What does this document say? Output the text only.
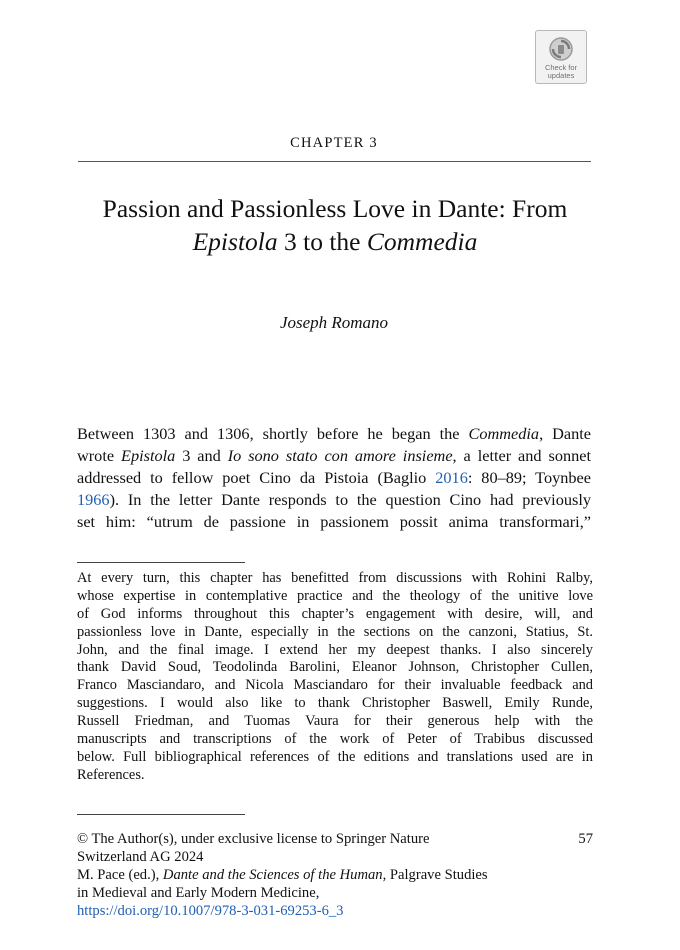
Check for
updates
CHAPTER 3
Passion and Passionless Love in Dante: From
Epistola 3 to the Commedia
Joseph Romano
Between 1303 and 1306, shortly before he began the Commedia, Dante
wrote Epistola 3 and Io sono stato con amore insieme, a letter and sonnet
addressed to fellow poet Cino da Pistoia (Baglio 2016: 80–89; Toynbee
1966). In the letter Dante responds to the question Cino had previously
set him: “utrum de passione in passionem possit anima transformari,”
At every turn, this chapter has benefitted from discussions with Rohini Ralby,
whose expertise in contemplative practice and the theology of the unitive love
of God informs throughout this chapter’s engagement with desire, will, and
passionless love in Dante, especially in the sections on the canzoni, Statius, St.
John, and the final image. I extend her my deepest thanks. I also sincerely
thank David Soud, Teodolinda Barolini, Eleanor Johnson, Christopher Cullen,
Franco Masciandaro, and Nicola Masciandaro for their invaluable feedback and
suggestions. I would also like to thank Christopher Baswell, Emily Runde,
Russell Friedman, and Tuomas Vaura for their generous help with the
manuscripts and transcriptions of the work of Peter of Trabibus discussed
below. Full bibliographical references of the editions and translations used are in
References.
57
© The Author(s), under exclusive license to Springer Nature
Switzerland AG 2024
M. Pace (ed.), Dante and the Sciences of the Human, Palgrave Studies
in Medieval and Early Modern Medicine,
https://doi.org/10.1007/978-3-031-69253-6_3
